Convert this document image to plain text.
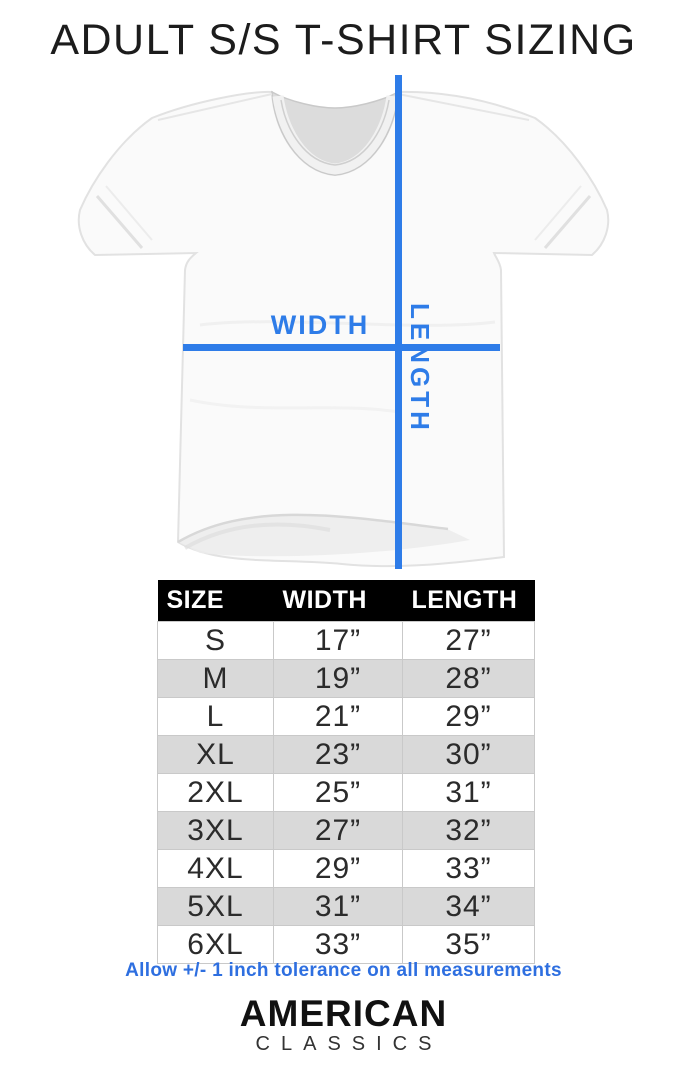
ADULT S/S T-SHIRT SIZING
WIDTH	LENGTH
SIZE	WIDTH	LENGTH
S	17”	27”
M	19”	28”
L	21”	29”
XL	23”	30”
2XL	25”	31”
3XL	27”	32”
4XL	29”	33”
5XL	31”	34”
6XL	33”	35”
Allow +/- 1 inch tolerance on all measurements
AMERICAN
CLASSICS
